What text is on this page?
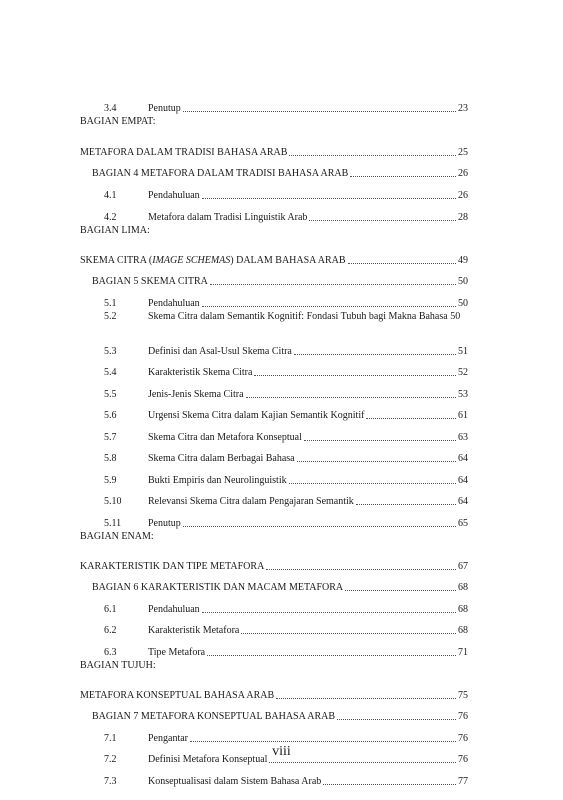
3.4	Penutup	23
BAGIAN EMPAT:
METAFORA DALAM TRADISI BAHASA ARAB	25
BAGIAN 4 METAFORA DALAM TRADISI BAHASA ARAB	26
4.1	Pendahuluan	26
4.2	Metafora dalam Tradisi Linguistik Arab	28
BAGIAN LIMA:
SKEMA CITRA (IMAGE SCHEMAS) DALAM BAHASA ARAB	49
BAGIAN 5 SKEMA CITRA	50
5.1	Pendahuluan	50
5.2	Skema Citra dalam Semantik Kognitif: Fondasi Tubuh bagi Makna Bahasa 50
5.3	Definisi dan Asal-Usul Skema Citra	51
5.4	Karakteristik Skema Citra	52
5.5	Jenis-Jenis Skema Citra	53
5.6	Urgensi Skema Citra dalam Kajian Semantik Kognitif	61
5.7	Skema Citra dan Metafora Konseptual	63
5.8	Skema Citra dalam Berbagai Bahasa	64
5.9	Bukti Empiris dan Neurolinguistik	64
5.10	Relevansi Skema Citra dalam Pengajaran Semantik	64
5.11	Penutup	65
BAGIAN ENAM:
KARAKTERISTIK DAN TIPE METAFORA	67
BAGIAN 6 KARAKTERISTIK DAN MACAM METAFORA	68
6.1	Pendahuluan	68
6.2	Karakteristik Metafora	68
6.3	Tipe Metafora	71
BAGIAN TUJUH:
METAFORA KONSEPTUAL BAHASA ARAB	75
BAGIAN 7 METAFORA KONSEPTUAL BAHASA ARAB	76
7.1	Pengantar	76
7.2	Definisi Metafora Konseptual	76
7.3	Konseptualisasi dalam Sistem Bahasa Arab	77
viii
